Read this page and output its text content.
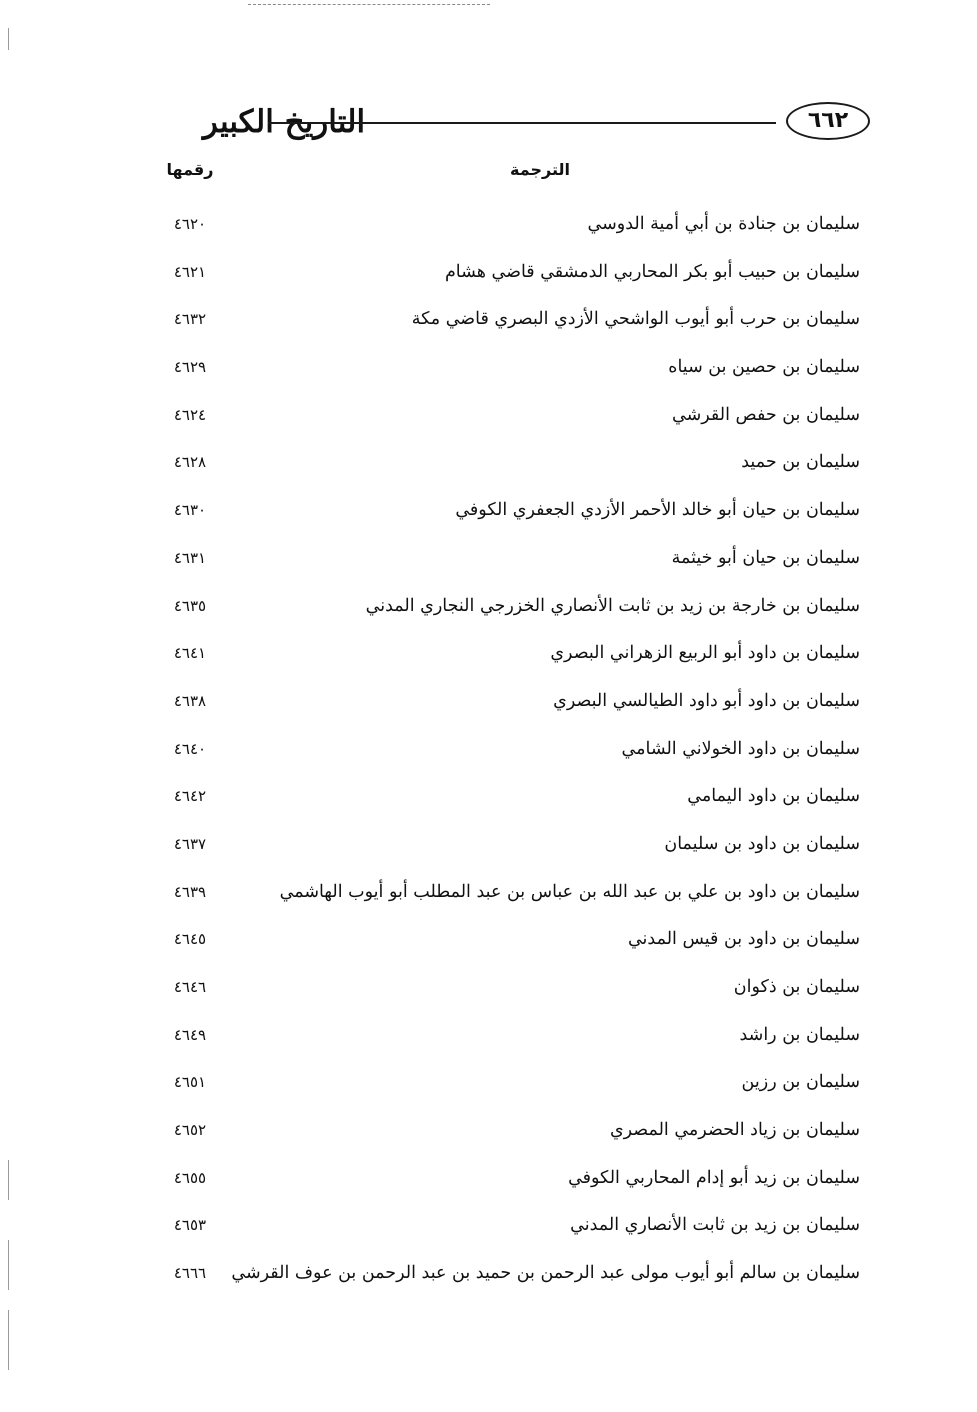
التاريخ الكبير	٦٦٢
الترجمة
رقمها
سليمان بن جنادة بن أبي أمية الدوسي
٤٦٢٠
سليمان بن حبيب أبو بكر المحاربي الدمشقي قاضي هشام
٤٦٢١
سليمان بن حرب أبو أيوب الواشحي الأزدي البصري قاضي مكة
٤٦٣٢
سليمان بن حصين بن سياه
٤٦٢٩
سليمان بن حفص القرشي
٤٦٢٤
سليمان بن حميد
٤٦٢٨
سليمان بن حيان أبو خالد الأحمر الأزدي الجعفري الكوفي
٤٦٣٠
سليمان بن حيان أبو خيثمة
٤٦٣١
سليمان بن خارجة بن زيد بن ثابت الأنصاري الخزرجي النجاري المدني
٤٦٣٥
سليمان بن داود أبو الربيع الزهراني البصري
٤٦٤١
سليمان بن داود أبو داود الطيالسي البصري
٤٦٣٨
سليمان بن داود الخولاني الشامي
٤٦٤٠
سليمان بن داود اليمامي
٤٦٤٢
سليمان بن داود بن سليمان
٤٦٣٧
سليمان بن داود بن علي بن عبد الله بن عباس بن عبد المطلب أبو أيوب الهاشمي
٤٦٣٩
سليمان بن داود بن قيس المدني
٤٦٤٥
سليمان بن ذكوان
٤٦٤٦
سليمان بن راشد
٤٦٤٩
سليمان بن رزين
٤٦٥١
سليمان بن زياد الحضرمي المصري
٤٦٥٢
سليمان بن زيد أبو إدام المحاربي الكوفي
٤٦٥٥
سليمان بن زيد بن ثابت الأنصاري المدني
٤٦٥٣
سليمان بن سالم أبو أيوب مولى عبد الرحمن بن حميد بن عبد الرحمن بن عوف القرشي
٤٦٦٦
